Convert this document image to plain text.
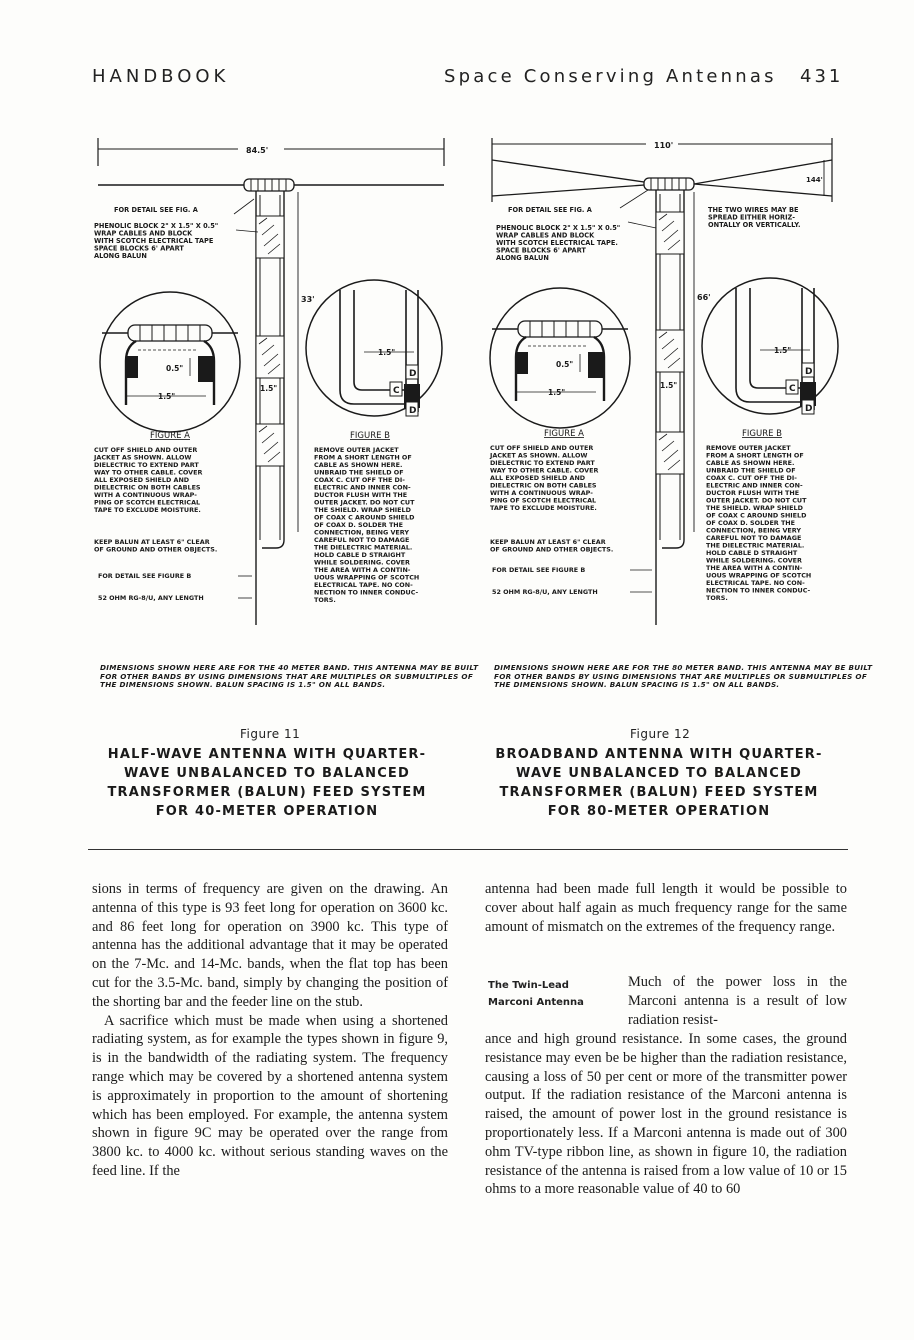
HANDBOOK	Space Conserving Antennas 431
84.5'
33'
0.5"
1.5"
1.5"
1.5"
D
C
D
FOR DETAIL SEE FIG. A
PHENOLIC BLOCK 2" X 1.5" X 0.5"
WRAP CABLES AND BLOCK
WITH SCOTCH ELECTRICAL TAPE
SPACE BLOCKS 6' APART
ALONG BALUN
FIGURE A
CUT OFF SHIELD AND OUTER
JACKET AS SHOWN. ALLOW
DIELECTRIC TO EXTEND PART
WAY TO OTHER CABLE. COVER
ALL EXPOSED SHIELD AND
DIELECTRIC ON BOTH CABLES
WITH A CONTINUOUS WRAP-
PING OF SCOTCH ELECTRICAL
TAPE TO EXCLUDE MOISTURE.
FIGURE B
REMOVE OUTER JACKET
FROM A SHORT LENGTH OF
CABLE AS SHOWN HERE.
UNBRAID THE SHIELD OF
COAX C. CUT OFF THE DI-
ELECTRIC AND INNER CON-
DUCTOR FLUSH WITH THE
OUTER JACKET. DO NOT CUT
THE SHIELD. WRAP SHIELD
OF COAX C AROUND SHIELD
OF COAX D. SOLDER THE
CONNECTION, BEING VERY
CAREFUL NOT TO DAMAGE
THE DIELECTRIC MATERIAL.
HOLD CABLE D STRAIGHT
WHILE SOLDERING. COVER
THE AREA WITH A CONTIN-
UOUS WRAPPING OF SCOTCH
ELECTRICAL TAPE. NO CON-
NECTION TO INNER CONDUC-
TORS.
KEEP BALUN AT LEAST 6" CLEAR
OF GROUND AND OTHER OBJECTS.
FOR DETAIL SEE FIGURE B
52 OHM RG-8/U, ANY LENGTH
110'
144'
66'
0.5"
1.5"
1.5"
1.5"
D
C
D
FOR DETAIL SEE FIG. A	THE TWO WIRES MAY BE
SPREAD EITHER HORIZ-
ONTALLY OR VERTICALLY.
PHENOLIC BLOCK 2" X 1.5" X 0.5"
WRAP CABLES AND BLOCK
WITH SCOTCH ELECTRICAL TAPE.
SPACE BLOCKS 6' APART
ALONG BALUN
FIGURE A
CUT OFF SHIELD AND OUTER
JACKET AS SHOWN. ALLOW
DIELECTRIC TO EXTEND PART
WAY TO OTHER CABLE. COVER
ALL EXPOSED SHIELD AND
DIELECTRIC ON BOTH CABLES
WITH A CONTINUOUS WRAP-
PING OF SCOTCH ELECTRICAL
TAPE TO EXCLUDE MOISTURE.
FIGURE B
REMOVE OUTER JACKET
FROM A SHORT LENGTH OF
CABLE AS SHOWN HERE.
UNBRAID THE SHIELD OF
COAX C. CUT OFF THE DI-
ELECTRIC AND INNER CON-
DUCTOR FLUSH WITH THE
OUTER JACKET. DO NOT CUT
THE SHIELD. WRAP SHIELD
OF COAX C AROUND SHIELD
OF COAX D. SOLDER THE
CONNECTION, BEING VERY
CAREFUL NOT TO DAMAGE
THE DIELECTRIC MATERIAL.
HOLD CABLE D STRAIGHT
WHILE SOLDERING. COVER
THE AREA WITH A CONTIN-
UOUS WRAPPING OF SCOTCH
ELECTRICAL TAPE. NO CON-
NECTION TO INNER CONDUC-
TORS.
KEEP BALUN AT LEAST 6" CLEAR
OF GROUND AND OTHER OBJECTS.
FOR DETAIL SEE FIGURE B
52 OHM RG-8/U, ANY LENGTH
DIMENSIONS SHOWN HERE ARE FOR THE 40 METER BAND. THIS ANTENNA MAY BE BUILT FOR OTHER BANDS BY USING DIMENSIONS THAT ARE MULTIPLES OR SUBMULTIPLES OF THE DIMENSIONS SHOWN. BALUN SPACING IS 1.5" ON ALL BANDS.
DIMENSIONS SHOWN HERE ARE FOR THE 80 METER BAND. THIS ANTENNA MAY BE BUILT FOR OTHER BANDS BY USING DIMENSIONS THAT ARE MULTIPLES OR SUBMULTIPLES OF THE DIMENSIONS SHOWN. BALUN SPACING IS 1.5" ON ALL BANDS.
Figure 11	Figure 12
HALF-WAVE ANTENNA WITH QUARTER-WAVE UNBALANCED TO BALANCED TRANSFORMER (BALUN) FEED SYSTEM FOR 40-METER OPERATION
BROADBAND ANTENNA WITH QUARTER-WAVE UNBALANCED TO BALANCED TRANSFORMER (BALUN) FEED SYSTEM FOR 80-METER OPERATION

sions in terms of frequency are given on the drawing. An antenna of this type is 93 feet long for operation on 3600 kc. and 86 feet long for operation on 3900 kc. This type of antenna has the additional advantage that it may be operated on the 7-Mc. and 14-Mc. bands, when the flat top has been cut for the 3.5-Mc. band, simply by changing the position of the shorting bar and the feeder line on the stub.

A sacrifice which must be made when using a shortened radiating system, as for example the types shown in figure 9, is in the bandwidth of the radiating system. The frequency range which may be covered by a shortened antenna system is approximately in proportion to the amount of shortening which has been employed. For example, the antenna system shown in figure 9C may be operated over the range from 3800 kc. to 4000 kc. without serious standing waves on the feed line. If the

antenna had been made full length it would be possible to cover about half again as much frequency range for the same amount of mismatch on the extremes of the frequency range.

The Twin-Lead
Marconi Antenna
Much of the power loss in the Marconi antenna is a result of low radiation resist-
ance and high ground resistance. In some cases, the ground resistance may even be be higher than the radiation resistance, causing a loss of 50 per cent or more of the transmitter power output. If the radiation resistance of the Marconi antenna is raised, the amount of power lost in the ground resistance is proportionately less. If a Marconi antenna is made out of 300 ohm TV-type ribbon line, as shown in figure 10, the radiation resistance of the antenna is raised from a low value of 10 or 15 ohms to a more reasonable value of 40 to 60
